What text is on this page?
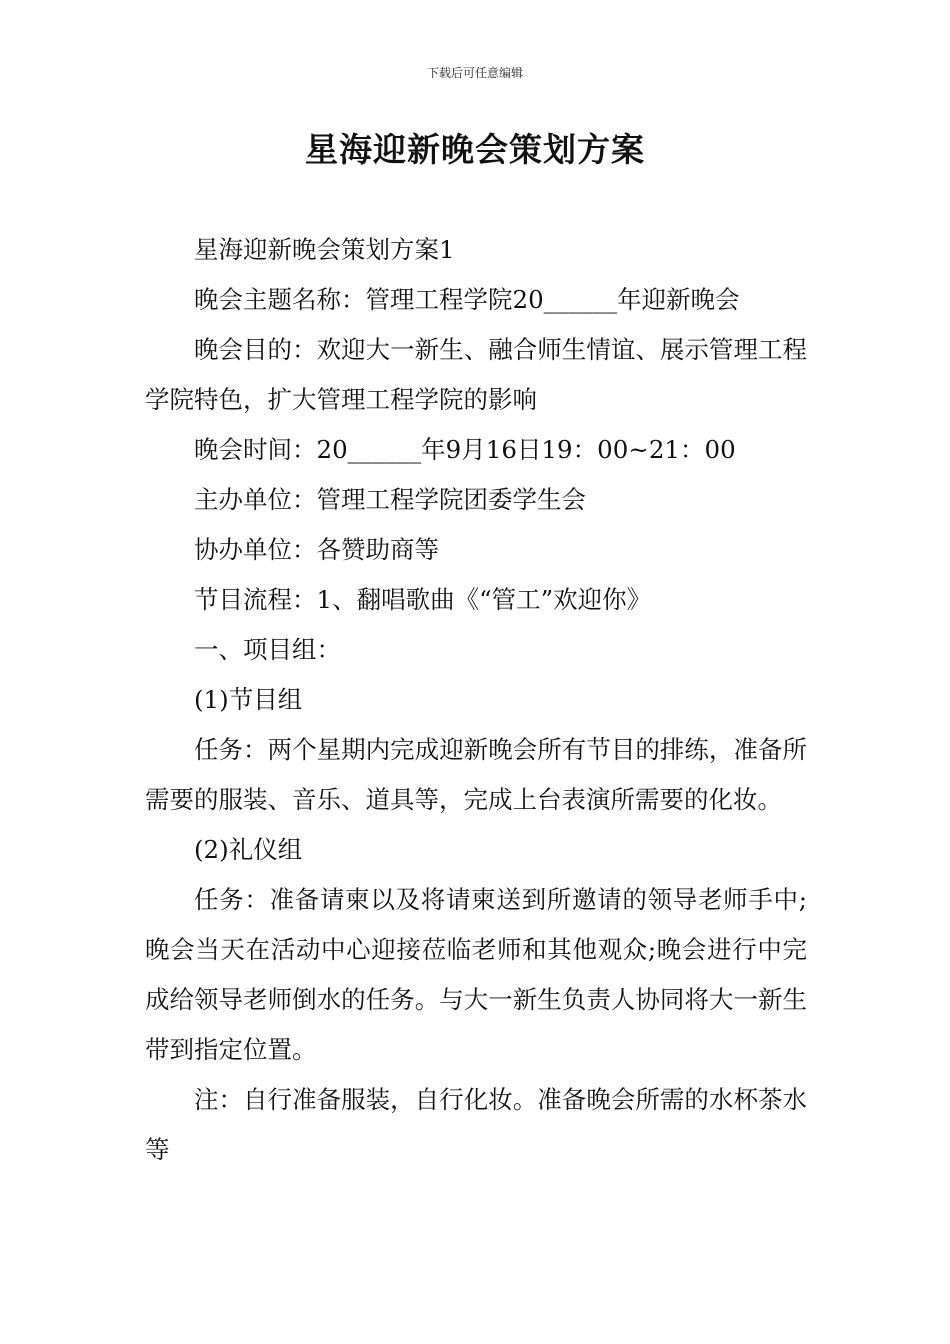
下载后可任意编辑
星海迎新晚会策划方案

星海迎新晚会策划方案1

晚会主题名称：管理工程学院20______年迎新晚会

晚会目的：欢迎大一新生、融合师生情谊、展示管理工程学院特色，扩大管理工程学院的影响

晚会时间：20______年9月16日19：00~21：00

主办单位：管理工程学院团委学生会

协办单位：各赞助商等

节目流程：1、翻唱歌曲《“管工”欢迎你》

一、项目组：

(1)节目组

任务：两个星期内完成迎新晚会所有节目的排练，准备所需要的服装、音乐、道具等，完成上台表演所需要的化妆。

(2)礼仪组

任务：准备请柬以及将请柬送到所邀请的领导老师手中;晚会当天在活动中心迎接莅临老师和其他观众;晚会进行中完成给领导老师倒水的任务。与大一新生负责人协同将大一新生带到指定位置。

注：自行准备服装，自行化妆。准备晚会所需的水杯茶水等
